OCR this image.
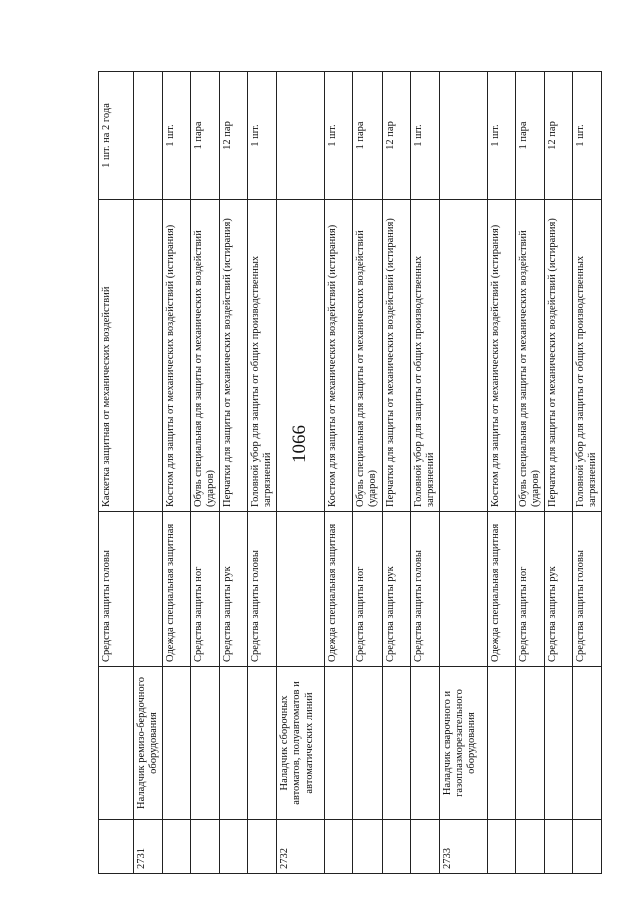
1066
		Средства защиты головы	Каскетка защитная от механических воздействий	1 шт. на 2 года
2731	Наладчик ремизо-бердочного оборудования			
		Одежда специальная защитная	Костюм для защиты от механических воздействий (истирания)	1 шт.
		Средства защиты ног	Обувь специальная для защиты от механических воздействий (ударов)	1 пара
		Средства защиты рук	Перчатки для защиты от механических воздействий (истирания)	12 пар
		Средства защиты головы	Головной убор для защиты от общих производственных загрязнений	1 шт.
2732	Наладчик сборочных автоматов, полуавтоматов и автоматических линий			
		Одежда специальная защитная	Костюм для защиты от механических воздействий (истирания)	1 шт.
		Средства защиты ног	Обувь специальная для защиты от механических воздействий (ударов)	1 пара
		Средства защиты рук	Перчатки для защиты от механических воздействий (истирания)	12 пар
		Средства защиты головы	Головной убор для защиты от общих производственных загрязнений	1 шт.
2733	Наладчик сварочного и газоплазморезательного оборудования			
		Одежда специальная защитная	Костюм для защиты от механических воздействий (истирания)	1 шт.
		Средства защиты ног	Обувь специальная для защиты от механических воздействий (ударов)	1 пара
		Средства защиты рук	Перчатки для защиты от механических воздействий (истирания)	12 пар
		Средства защиты головы	Головной убор для защиты от общих производственных загрязнений	1 шт.
